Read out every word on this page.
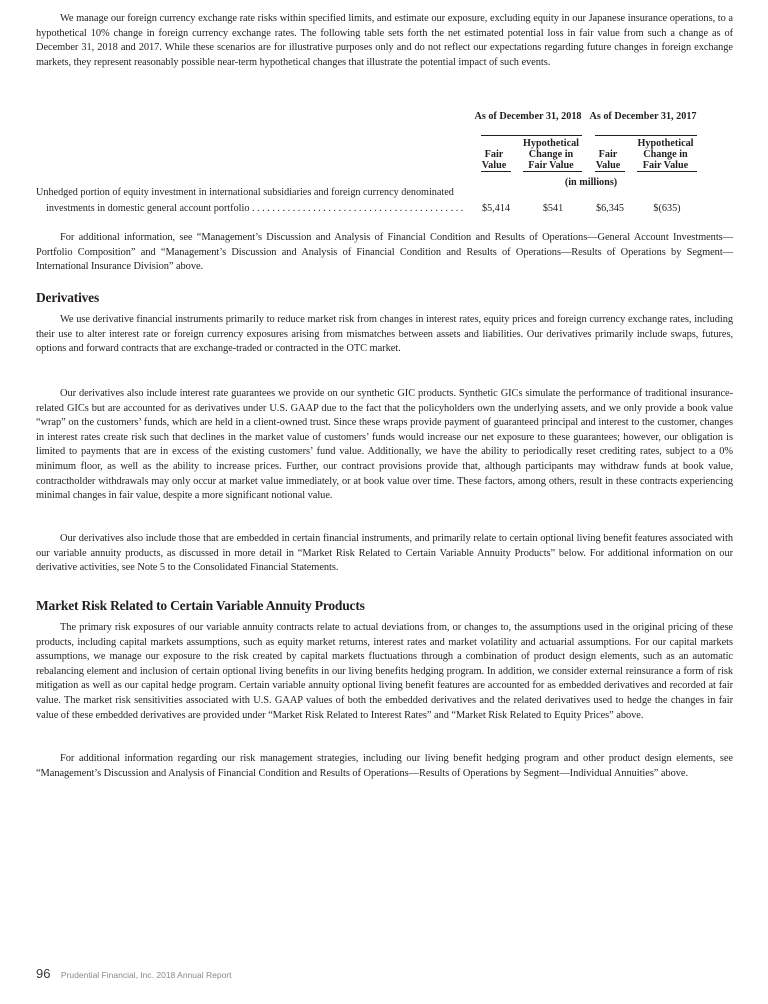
We manage our foreign currency exchange rate risks within specified limits, and estimate our exposure, excluding equity in our Japanese insurance operations, to a hypothetical 10% change in foreign currency exchange rates. The following table sets forth the net estimated potential loss in fair value from such a change as of December 31, 2018 and 2017. While these scenarios are for illustrative purposes only and do not reflect our expectations regarding future changes in foreign exchange markets, they represent reasonably possible near-term hypothetical changes that illustrate the potential impact of such events.

As of December 31, 2018 As of December 31, 2017
Fair Value
Hypothetical Change in Fair Value
Fair Value
Hypothetical Change in Fair Value
(in millions)
Unhedged portion of equity investment in international subsidiaries and foreign currency denominated
investments in domestic general account portfolio . . . . . . . . . . . . . . . . . . . . . . . . . . . . . . . . . . . . . . . . . .	$5,414	$541	$6,345	$(635)

For additional information, see “Management’s Discussion and Analysis of Financial Condition and Results of Operations—General Account Investments—Portfolio Composition” and “Management’s Discussion and Analysis of Financial Condition and Results of Operations—Results of Operations by Segment—International Insurance Division” above.

Derivatives

We use derivative financial instruments primarily to reduce market risk from changes in interest rates, equity prices and foreign currency exchange rates, including their use to alter interest rate or foreign currency exposures arising from mismatches between assets and liabilities. Our derivatives primarily include swaps, futures, options and forward contracts that are exchange-traded or contracted in the OTC market.

Our derivatives also include interest rate guarantees we provide on our synthetic GIC products. Synthetic GICs simulate the performance of traditional insurance-related GICs but are accounted for as derivatives under U.S. GAAP due to the fact that the policyholders own the underlying assets, and we only provide a book value “wrap” on the customers’ funds, which are held in a client-owned trust. Since these wraps provide payment of guaranteed principal and interest to the customer, changes in interest rates create risk such that declines in the market value of customers’ funds would increase our net exposure to these guarantees; however, our obligation is limited to payments that are in excess of the existing customers’ fund value. Additionally, we have the ability to periodically reset crediting rates, subject to a 0% minimum floor, as well as the ability to increase prices. Further, our contract provisions provide that, although participants may withdraw funds at book value, contractholder withdrawals may only occur at market value immediately, or at book value over time. These factors, among others, result in these contracts experiencing minimal changes in fair value, despite a more significant notional value.

Our derivatives also include those that are embedded in certain financial instruments, and primarily relate to certain optional living benefit features associated with our variable annuity products, as discussed in more detail in “Market Risk Related to Certain Variable Annuity Products” below. For additional information on our derivative activities, see Note 5 to the Consolidated Financial Statements.

Market Risk Related to Certain Variable Annuity Products

The primary risk exposures of our variable annuity contracts relate to actual deviations from, or changes to, the assumptions used in the original pricing of these products, including capital markets assumptions, such as equity market returns, interest rates and market volatility and actuarial assumptions. For our capital markets assumptions, we manage our exposure to the risk created by capital markets fluctuations through a combination of product design elements, such as an automatic rebalancing element and inclusion of certain optional living benefits in our living benefits hedging program. In addition, we consider external reinsurance a form of risk mitigation as well as our capital hedge program. Certain variable annuity optional living benefit features are accounted for as embedded derivatives and recorded at fair value. The market risk sensitivities associated with U.S. GAAP values of both the embedded derivatives and the related derivatives used to hedge the changes in fair value of these embedded derivatives are provided under “Market Risk Related to Interest Rates” and “Market Risk Related to Equity Prices” above.

For additional information regarding our risk management strategies, including our living benefit hedging program and other product design elements, see “Management’s Discussion and Analysis of Financial Condition and Results of Operations—Results of Operations by Segment—Individual Annuities” above.

96 Prudential Financial, Inc. 2018 Annual Report
